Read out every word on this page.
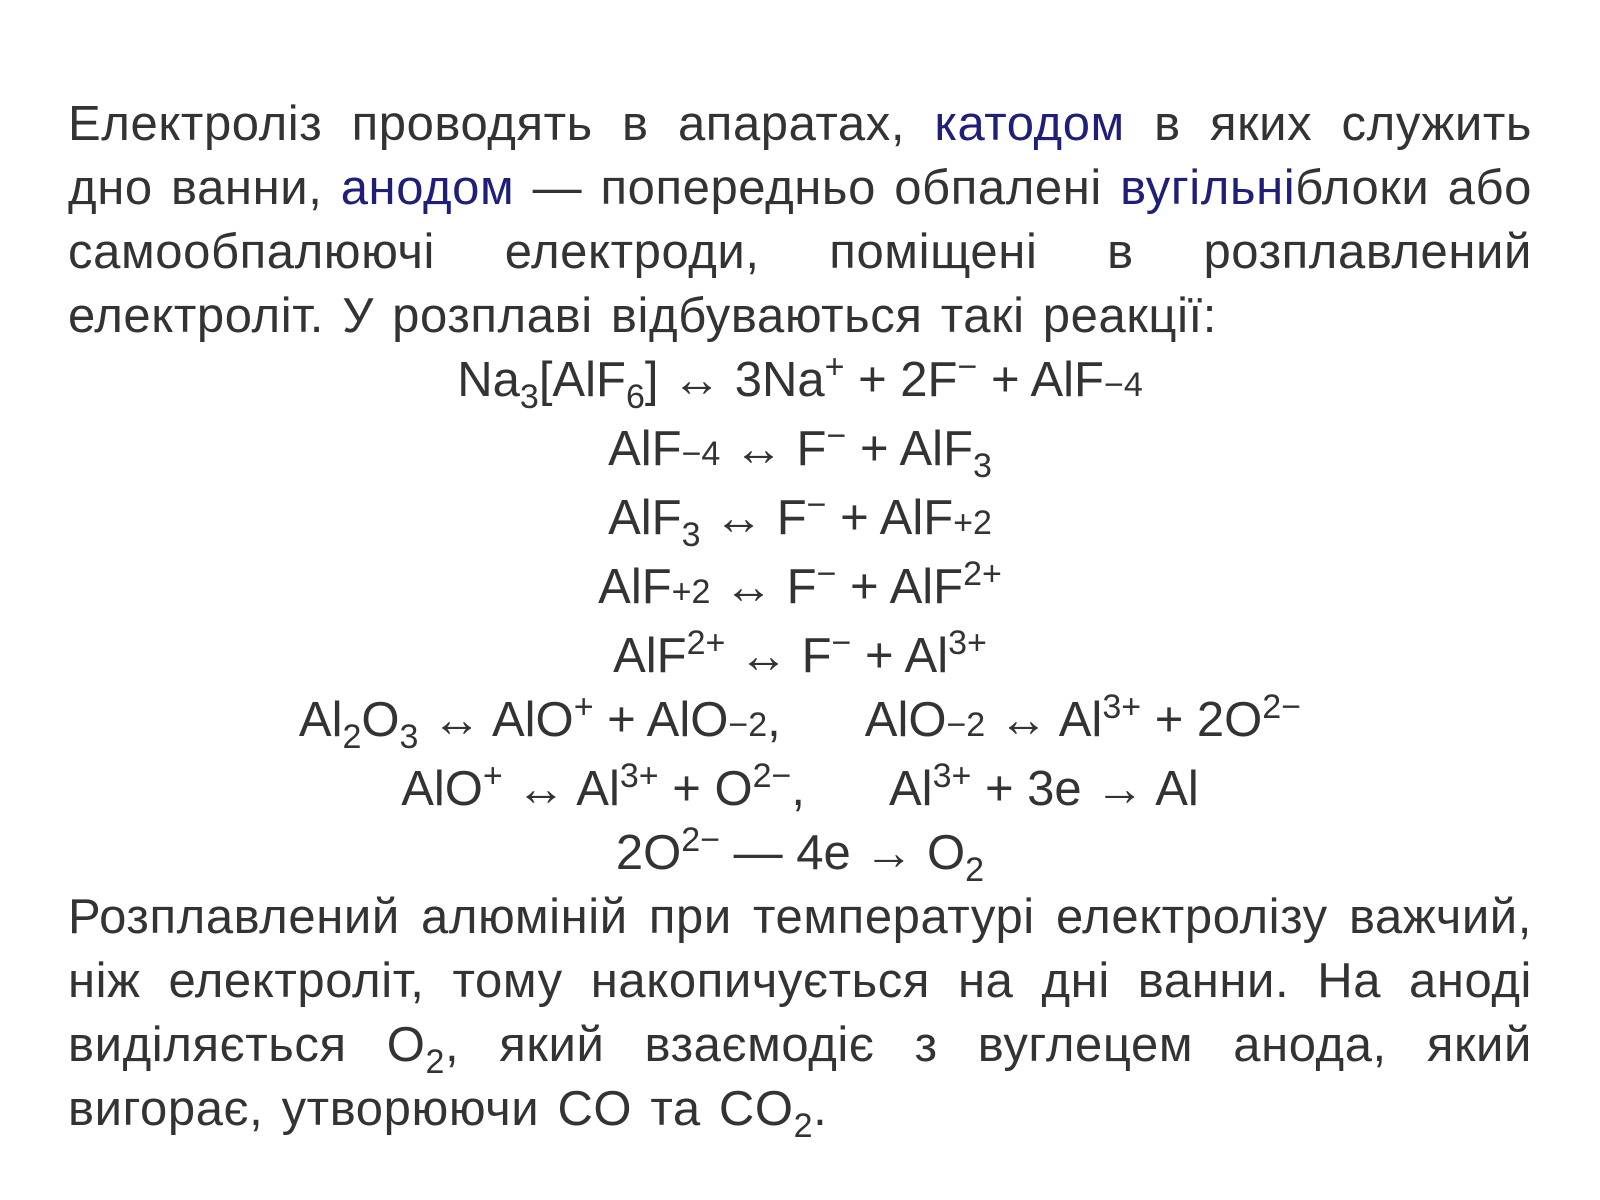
Електроліз проводять в апаратах, катодом в яких служить дно ванни, анодом — попередньо обпалені вугільніблоки або самообпалюючі електроди, поміщені в розплавлений електроліт. У розплаві відбуваються такі реакції:

$Na_3[AlF_6]$ ↔ 3Na+ + 2F− + AlF−4

AlF−4 ↔ F− + AlF$_3$

AlF$_3$ ↔ F− + AlF+2

AlF+2 ↔ F− + AlF$^{2+}$

AlF$^{2+}$ ↔ $F^- + Al^{3+}$

$Al_2O_3$ ↔ AlO+ + AlO−2, AlO−2 ↔ $Al^{3+} + 2O^{2-}$

AlO+ ↔ $Al^{3+} + O^{2-}$, $Al^{3+} + 3e \to Al$

$2O^{2-}$ — $4e \to O_2$

Розплавлений алюміній при температурі електролізу важчий, ніж електроліт, тому накопичується на дні ванни. На аноді виділяється $O_2$, який взаємодіє з вуглецем анода, який вигорає, утворюючи CO та $CO_2$.
